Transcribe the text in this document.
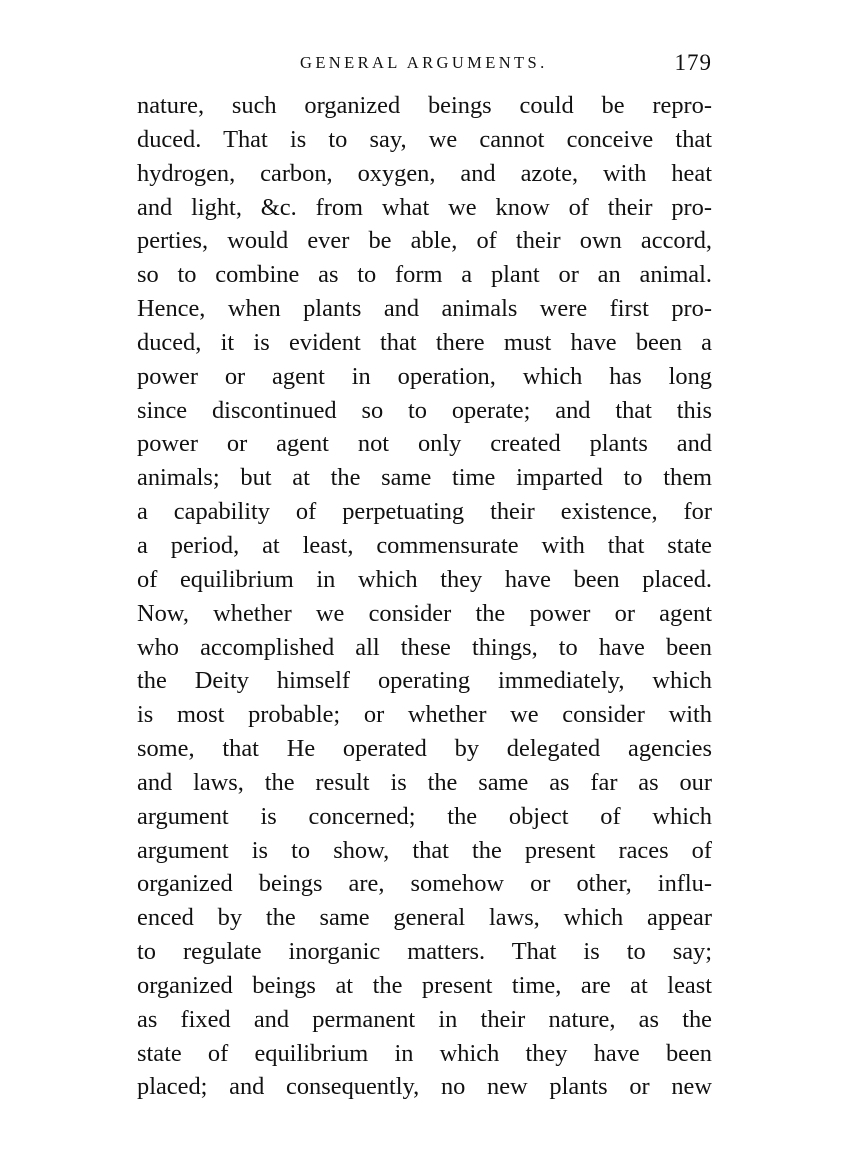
GENERAL ARGUMENTS.	179
nature, such organized beings could be repro-
duced. That is to say, we cannot conceive that
hydrogen, carbon, oxygen, and azote, with heat
and light, &c. from what we know of their pro-
perties, would ever be able, of their own accord,
so to combine as to form a plant or an animal.
Hence, when plants and animals were first pro-
duced, it is evident that there must have been a
power or agent in operation, which has long
since discontinued so to operate; and that this
power or agent not only created plants and
animals; but at the same time imparted to them
a capability of perpetuating their existence, for
a period, at least, commensurate with that state
of equilibrium in which they have been placed.
Now, whether we consider the power or agent
who accomplished all these things, to have been
the Deity himself operating immediately, which
is most probable; or whether we consider with
some, that He operated by delegated agencies
and laws, the result is the same as far as our
argument is concerned; the object of which
argument is to show, that the present races of
organized beings are, somehow or other, influ-
enced by the same general laws, which appear
to regulate inorganic matters. That is to say;
organized beings at the present time, are at least
as fixed and permanent in their nature, as the
state of equilibrium in which they have been
placed; and consequently, no new plants or new
